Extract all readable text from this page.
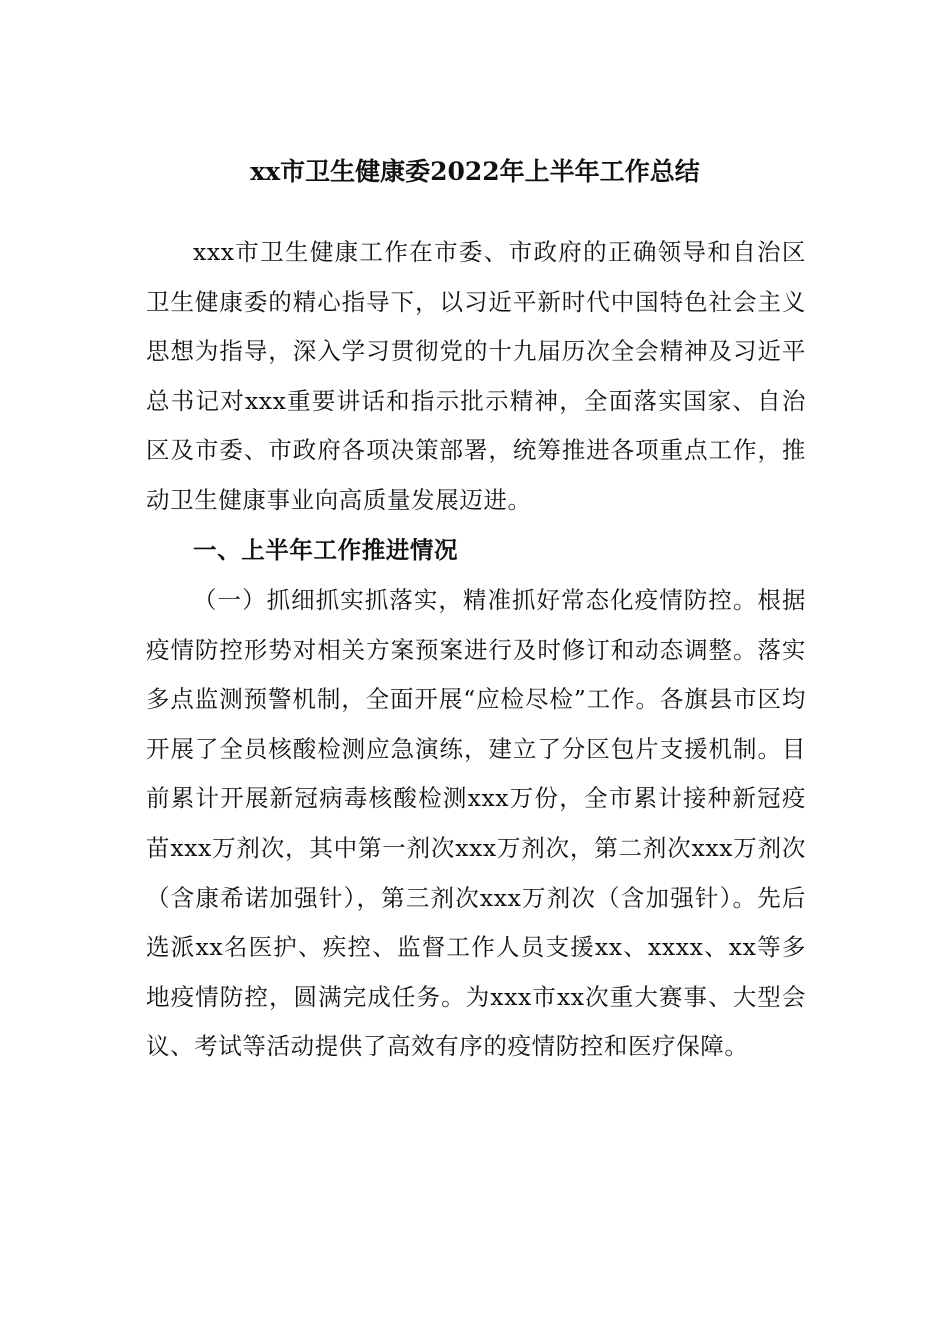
xx市卫生健康委2022年上半年工作总结

xxx市卫生健康工作在市委、市政府的正确领导和自治区卫生健康委的精心指导下，以习近平新时代中国特色社会主义思想为指导，深入学习贯彻党的十九届历次全会精神及习近平总书记对xxx重要讲话和指示批示精神，全面落实国家、自治区及市委、市政府各项决策部署，统筹推进各项重点工作，推动卫生健康事业向高质量发展迈进。

一、上半年工作推进情况

（一）抓细抓实抓落实，精准抓好常态化疫情防控。根据疫情防控形势对相关方案预案进行及时修订和动态调整。落实多点监测预警机制，全面开展“应检尽检”工作。各旗县市区均开展了全员核酸检测应急演练，建立了分区包片支援机制。目前累计开展新冠病毒核酸检测xxx万份，全市累计接种新冠疫苗xxx万剂次，其中第一剂次xxx万剂次，第二剂次xxx万剂次（含康希诺加强针），第三剂次xxx万剂次（含加强针）。先后选派xx名医护、疾控、监督工作人员支援xx、xxxx、xx等多地疫情防控，圆满完成任务。为xxx市xx次重大赛事、大型会议、考试等活动提供了高效有序的疫情防控和医疗保障。
